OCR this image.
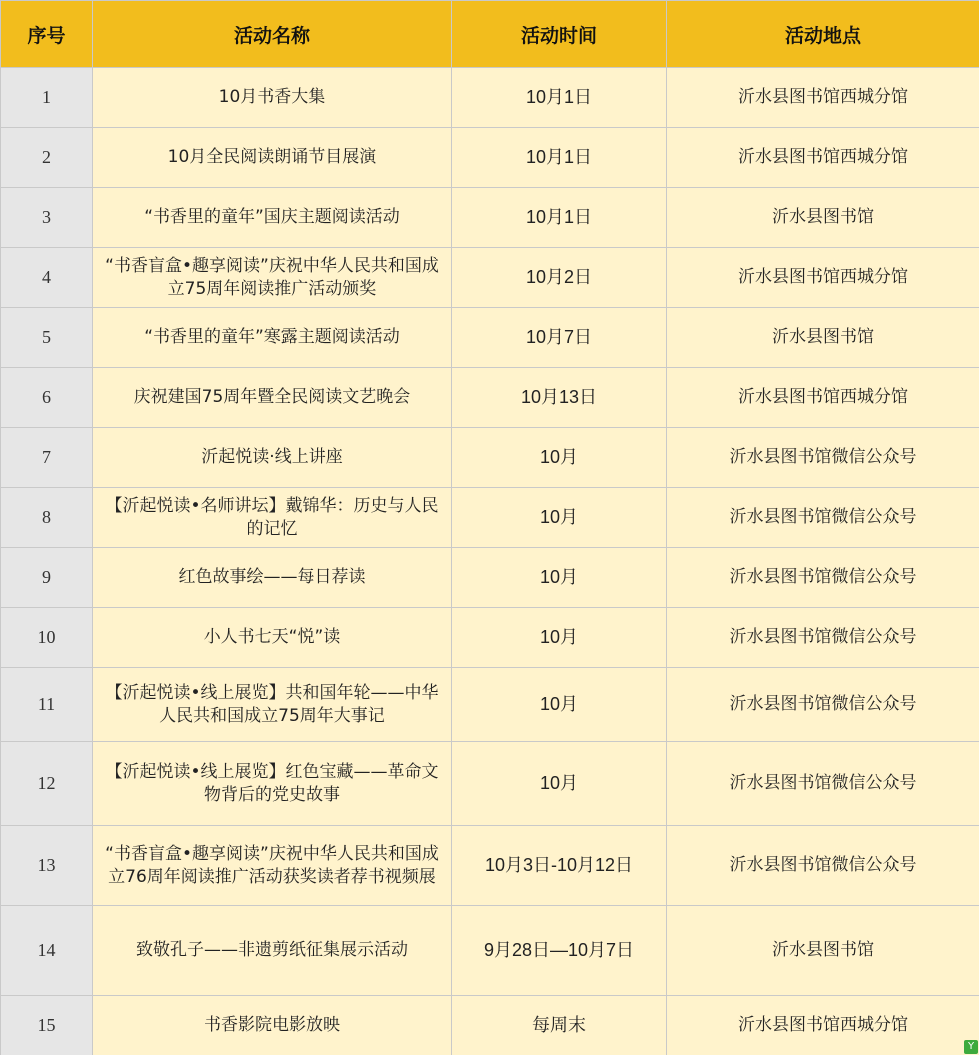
序号	活动名称	活动时间	活动地点
1	10月书香大集	10月1日	沂水县图书馆西城分馆
2	10月全民阅读朗诵节目展演	10月1日	沂水县图书馆西城分馆
3	“书香里的童年”国庆主题阅读活动	10月1日	沂水县图书馆
4	“书香盲盒•趣享阅读”庆祝中华人民共和国成立75周年阅读推广活动颁奖	10月2日	沂水县图书馆西城分馆
5	“书香里的童年”寒露主题阅读活动	10月7日	沂水县图书馆
6	庆祝建国75周年暨全民阅读文艺晚会	10月13日	沂水县图书馆西城分馆
7	沂起悦读·线上讲座	10月	沂水县图书馆微信公众号
8	【沂起悦读•名师讲坛】戴锦华：历史与人民的记忆	10月	沂水县图书馆微信公众号
9	红色故事绘——每日荐读	10月	沂水县图书馆微信公众号
10	小人书七天“悦”读	10月	沂水县图书馆微信公众号
11	【沂起悦读•线上展览】共和国年轮——中华人民共和国成立75周年大事记	10月	沂水县图书馆微信公众号
12	【沂起悦读•线上展览】红色宝藏——革命文物背后的党史故事	10月	沂水县图书馆微信公众号
13	“书香盲盒•趣享阅读”庆祝中华人民共和国成立76周年阅读推广活动获奖读者荐书视频展	10月3日-10月12日	沂水县图书馆微信公众号
14	致敬孔子——非遗剪纸征集展示活动	9月28日—10月7日	沂水县图书馆
15	书香影院电影放映	每周末	沂水县图书馆西城分馆
Y
